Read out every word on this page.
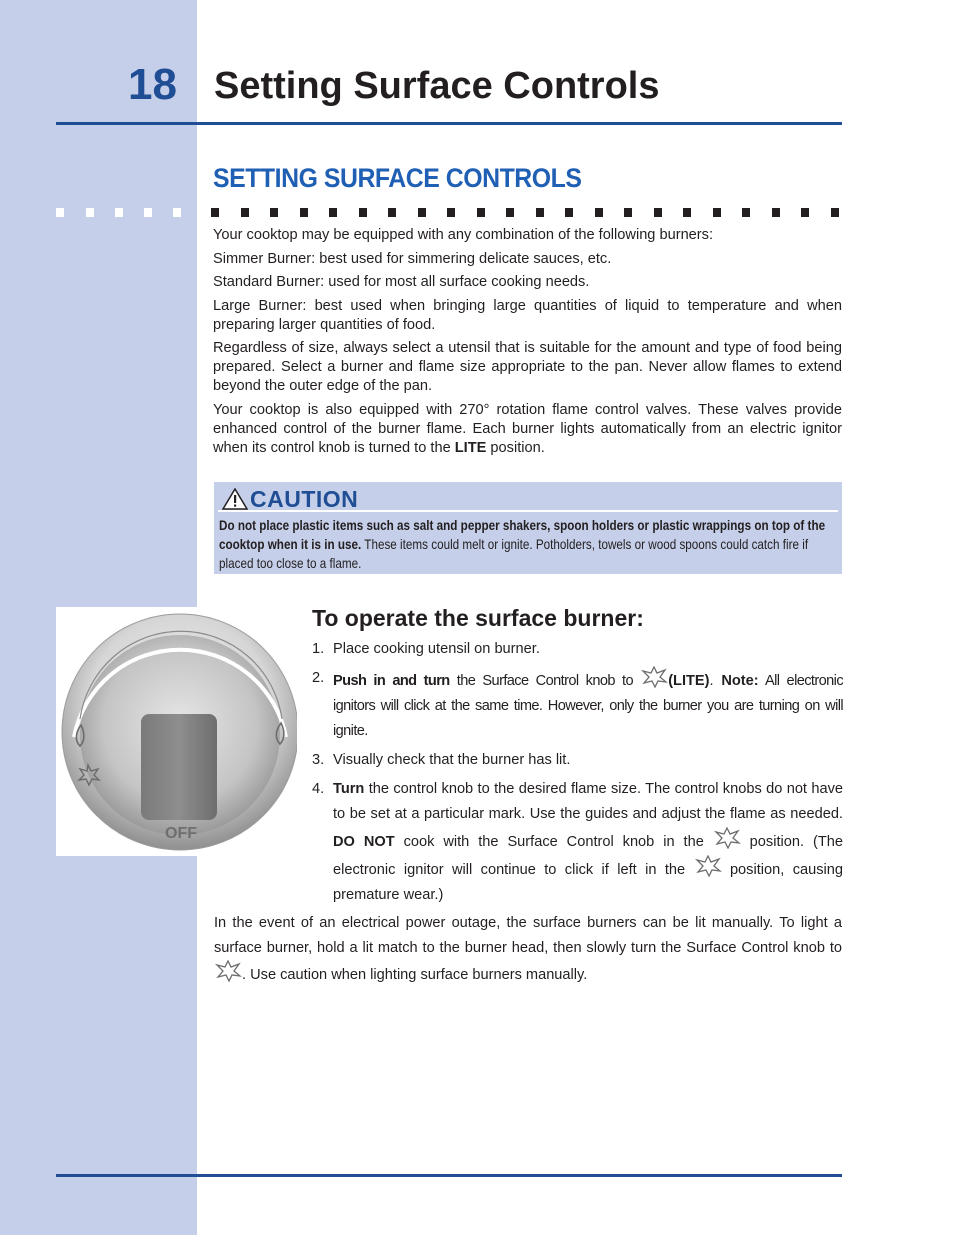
18 Setting Surface Controls
SETTING SURFACE CONTROLS

Your cooktop may be equipped with any combination of the following burners:

Simmer Burner: best used for simmering delicate sauces, etc.

Standard Burner: used for most all surface cooking needs.

Large Burner: best used when bringing large quantities of liquid to temperature and when preparing larger quantities of food.

Regardless of size, always select a utensil that is suitable for the amount and type of food being prepared. Select a burner and flame size appropriate to the pan. Never allow flames to extend beyond the outer edge of the pan.

Your cooktop is also equipped with 270° rotation flame control valves. These valves provide enhanced control of the burner flame. Each burner lights automatically from an electric ignitor when its control knob is turned to the LITE position.

CAUTION
Do not place plastic items such as salt and pepper shakers, spoon holders or plastic wrappings on top of the cooktop when it is in use. These items could melt or ignite. Potholders, towels or wood spoons could catch fire if placed too close to a flame.
OFF
To operate the surface burner:
1. Place cooking utensil on burner.
2. Push in and turn the Surface Control knob to (LITE). Note: All electronic ignitors will click at the same time. However, only the burner you are turning on will ignite.
3. Visually check that the burner has lit.
4. Turn the control knob to the desired flame size. The control knobs do not have to be set at a particular mark. Use the guides and adjust the flame as needed. DO NOT cook with the Surface Control knob in the  position. (The electronic ignitor will continue to click if left in the  position, causing premature wear.)

In the event of an electrical power outage, the surface burners can be lit manually. To light a surface burner, hold a lit match to the burner head, then slowly turn the Surface Control knob to . Use caution when lighting surface burners manually.
